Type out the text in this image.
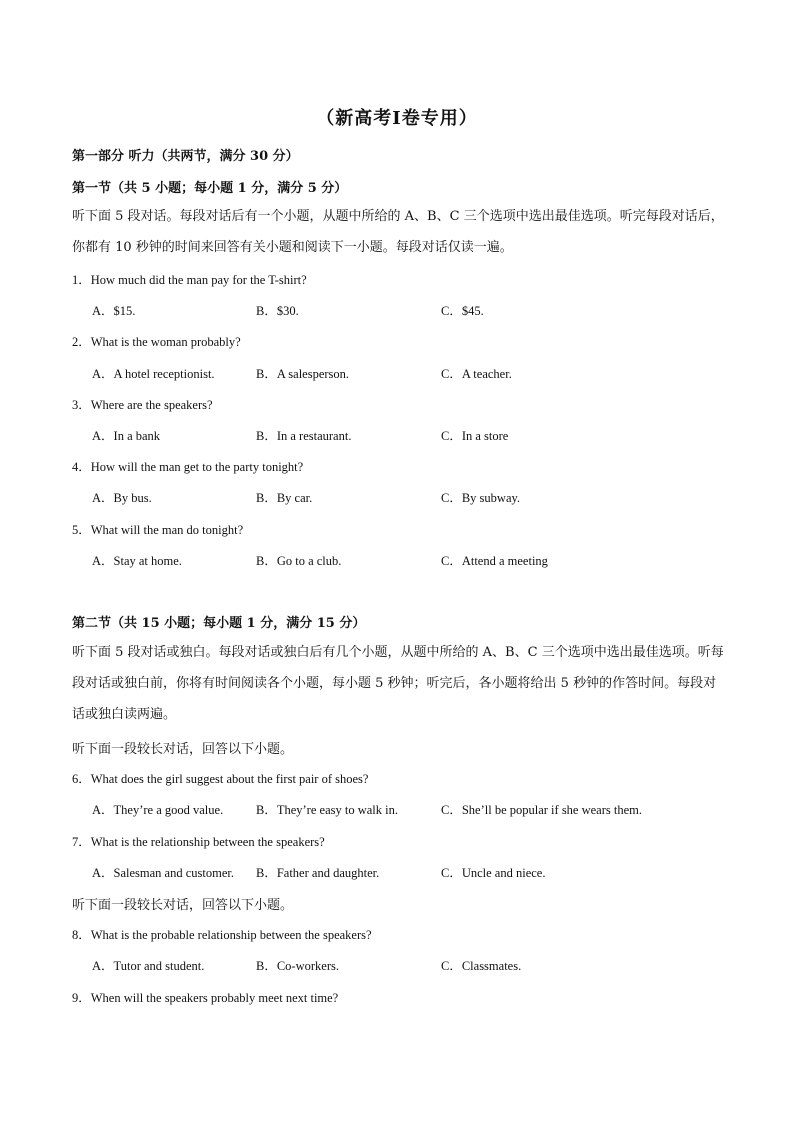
（新高考I卷专用）
第一部分 听力（共两节，满分 30 分）
第一节（共 5 小题；每小题 1 分，满分 5 分）
听下面 5 段对话。每段对话后有一个小题，从题中所给的 A、B、C 三个选项中选出最佳选项。听完每段对话后，你都有 10 秒钟的时间来回答有关小题和阅读下一小题。每段对话仅读一遍。
1．How much did the man pay for the T-shirt?
A．$15.	B．$30.	C．$45.
2．What is the woman probably?
A．A hotel receptionist.	B．A salesperson.	C．A teacher.
3．Where are the speakers?
A．In a bank	B．In a restaurant.	C．In a store
4．How will the man get to the party tonight?
A．By bus.	B．By car.	C．By subway.
5．What will the man do tonight?
A．Stay at home.	B．Go to a club.	C．Attend a meeting
第二节（共 15 小题；每小题 1 分，满分 15 分）
听下面 5 段对话或独白。每段对话或独白后有几个小题，从题中所给的 A、B、C 三个选项中选出最佳选项。听每段对话或独白前，你将有时间阅读各个小题，每小题 5 秒钟；听完后，各小题将给出 5 秒钟的作答时间。每段对话或独白读两遍。
听下面一段较长对话，回答以下小题。
6．What does the girl suggest about the first pair of shoes?
A．They’re a good value.	B．They’re easy to walk in.	C．She’ll be popular if she wears them.
7．What is the relationship between the speakers?
A．Salesman and customer. B．Father and daughter.	C．Uncle and niece.
听下面一段较长对话，回答以下小题。
8．What is the probable relationship between the speakers?
A．Tutor and student.	B．Co-workers.	C．Classmates.
9．When will the speakers probably meet next time?
